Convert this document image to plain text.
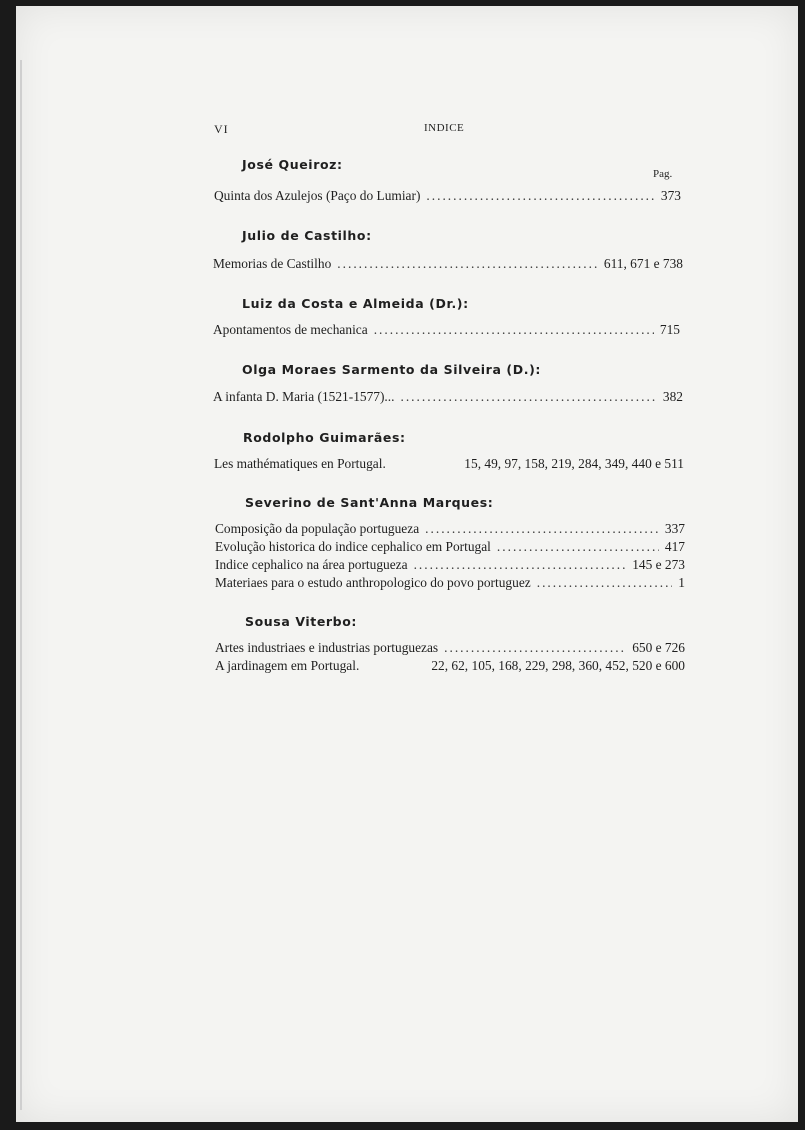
VI	INDICE
José Queiroz:
Pag.
Quinta dos Azulejos (Paço do Lumiar) .....	373
Julio de Castilho:
Memorias de Castilho .....	611, 671 e 738
Luiz da Costa e Almeida (Dr.):
Apontamentos de mechanica .....	715
Olga Moraes Sarmento da Silveira (D.):
A infanta D. Maria (1521-1577)... .....	382
Rodolpho Guimarães:
Les mathématiques en Portugal.	15, 49, 97, 158, 219, 284, 349, 440 e 511
Severino de Sant'Anna Marques:
Composição da população portugueza .....	337
Evolução historica do indice cephalico em Portugal .....	417
Indice cephalico na área portugueza .....	145 e 273
Materiaes para o estudo anthropologico do povo portuguez .....	1
Sousa Viterbo:
Artes industriaes e industrias portuguezas .....	650 e 726
A jardinagem em Portugal.	22, 62, 105, 168, 229, 298, 360, 452, 520 e 600
